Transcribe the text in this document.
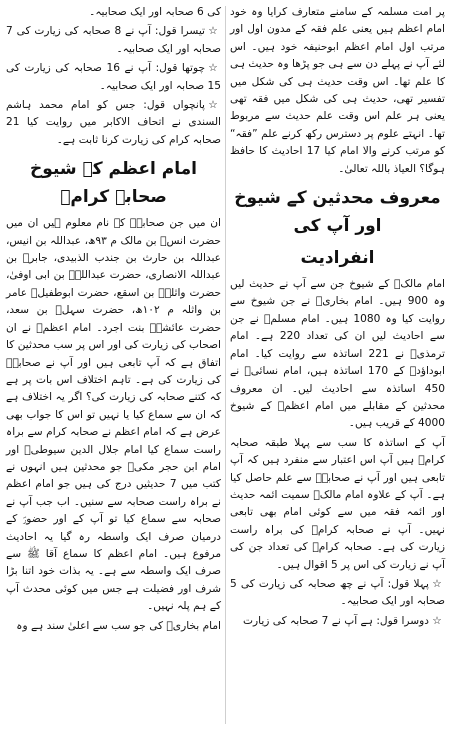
پر امت مسلمہ کے سامنے متعارف کرایا وہ خود امام اعظم ہیں یعنی علم فقہ کے مدون اول اور مرتب اول امام اعظم ابوحنیفہ خود ہیں۔ اس لئے آپ نے پہلے دن سے ہی جو پڑھا وہ حدیث ہی کا علم تھا۔ اس وقت حدیث ہی کی شکل میں تفسیر تھی، حدیث ہی کی شکل میں فقہ تھی یعنی ہر علم اس وقت علم حدیث سے مربوط تھا۔ انہتے علوم پر دسترس رکھ کرنے علم ”فقہ“ کو مرتب کرنے والا امام کیا 17 احادیث کا حافظ ہوگا؟ العیاذ باللہ تعالیٰ۔

معروف محدثین کے شیوخ اور آپ کی
انفرادیت

امام مالکؒ کے شیوخ جن سے آپ نے حدیث لیں وہ 900 ہیں۔ امام بخاریؒ نے جن شیوخ سے روایت کیا وہ 1080 ہیں۔ امام مسلمؒ نے جن سے احادیث لیں ان کی تعداد 220 ہے۔ امام ترمذیؒ نے 221 اساتذہ سے روایت کیا۔ امام ابوداؤدؒ کے 170 اساتذہ ہیں، امام نسائیؒ نے 450 اساتذہ سے احادیث لیں۔ ان معروف محدثین کے مقابلے میں امام اعظمؒ کے شیوخ 4000 کے قریب ہیں۔

آپ کے اساتذہ کا سب سے پہلا طبقہ صحابہ کرامؓ ہیں آپ اس اعتبار سے منفرد ہیں کہ آپ تابعی ہیں اور آپ نے صحابہؓ سے علم حاصل کیا ہے۔ آپ کے علاوہ امام مالکؒ سمیت ائمہ حدیث اور ائمہ فقہ میں سے کوئی امام بھی تابعی نہیں۔ آپ نے صحابہ کرامؓ کی براہ راست زیارت کی ہے۔ صحابہ کرامؓ کی تعداد جن کی آپ نے زیارت کی اس پر 5 اقوال ہیں۔

☆پہلا قول: آپ نے چھ صحابہ کی زیارت کی 5 صحابہ اور ایک صحابیہ۔

☆دوسرا قول: ہے آپ نے 7 صحابہ کی زیارت

کی 6 صحابہ اور ایک صحابیہ۔

☆تیسرا قول: آپ نے 8 صحابہ کی زیارت کی 7 صحابہ اور ایک صحابیہ۔

☆چوتھا قول: آپ نے 16 صحابہ کی زیارت کی 15 صحابہ اور ایک صحابیہ۔

☆پانچواں قول: جس کو امام محمد ہاشم السندی نے اتحاف الاکابر میں روایت کیا 21 صحابہ کرام کی زیارت کرنا ثابت ہے۔

امام اعظم کے شیوخ صحابہ کرامؓ

ان میں جن صحابہؓ کے نام معلوم ہیں ان میں حضرت انسؓ بن مالک م ۹۳ھ، عبداللہ بن انیس، عبداللہ بن حارث بن جندب الذبیدی، جابرؓ بن عبداللہ الانصاری، حضرت عبداللہؓ بن ابی اوفیٰ، حضرت واثلہؓ بن اسقع، حضرت ابوطفیلؓ عامر بن واثلہ م ۱۰۲ھ، حضرت سہلؓ بن سعد، حضرت عائشہؓ بنت اجرد۔ امام اعظمؒ نے ان اصحاب کی زیارت کی اور اس پر سب محدثین کا اتفاق ہے کہ آپ تابعی ہیں اور آپ نے صحابہؓ کی زیارت کی ہے۔ تاہم اختلاف اس بات پر ہے کہ کتنے صحابہ کی زیارت کی؟ اگر یہ اختلاف ہے کہ ان سے سماع کیا یا نہیں تو اس کا جواب بھی عرض ہے کہ امام اعظم نے صحابہ کرام سے براہ راست سماع کیا امام جلال الدین سیوطیؒ اور امام ابن حجر مکیؒ جو محدثین ہیں انہوں نے کتب میں 7 حدیثیں درج کی ہیں جو امام اعظم نے براہ راست صحابہ سے سنیں۔ اب جب آپ نے صحابہ سے سماع کیا تو آپ کے اور حضورؐ کے درمیان صرف ایک واسطہ رہ گیا یہ احادیث مرفوع ہیں۔ امام اعظم کا سماع آقا ﷺ سے صرف ایک واسطہ سے ہے۔ یہ بذات خود اتنا بڑا شرف اور فضیلت ہے جس میں کوئی محدث آپ کے ہم پلہ نہیں۔

امام بخاریؒ کی جو سب سے اعلیٰ سند ہے وہ
